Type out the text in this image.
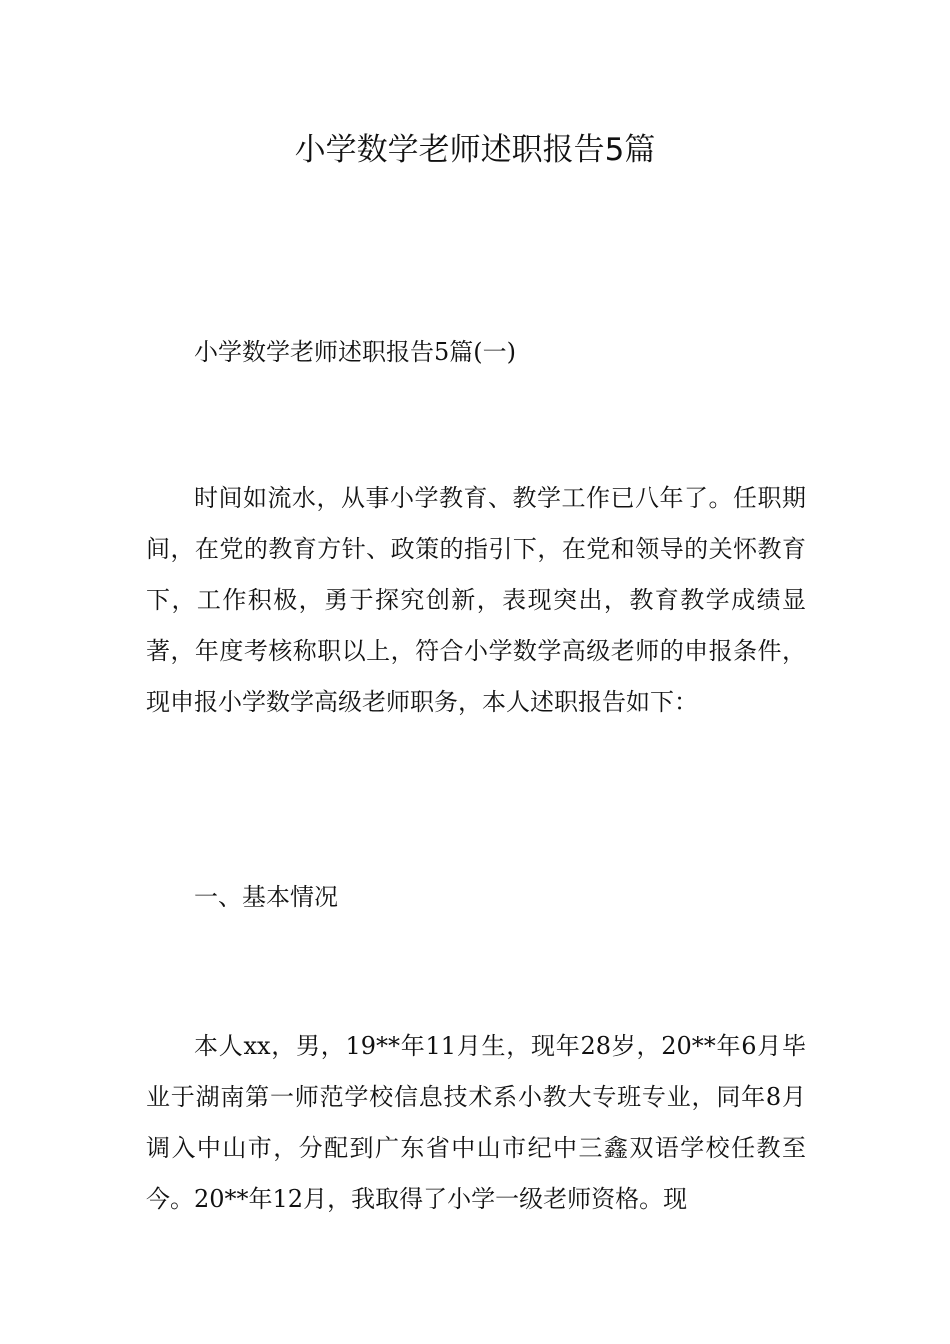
小学数学老师述职报告5篇

小学数学老师述职报告5篇(一)

时间如流水，从事小学教育、教学工作已八年了。任职期间，在党的教育方针、政策的指引下，在党和领导的关怀教育下，工作积极，勇于探究创新，表现突出，教育教学成绩显著，年度考核称职以上，符合小学数学高级老师的申报条件，现申报小学数学高级老师职务，本人述职报告如下：

一、基本情况

本人xx，男，19**年11月生，现年28岁，20**年6月毕业于湖南第一师范学校信息技术系小教大专班专业，同年8月调入中山市，分配到广东省中山市纪中三鑫双语学校任教至今。20**年12月，我取得了小学一级老师资格。现
